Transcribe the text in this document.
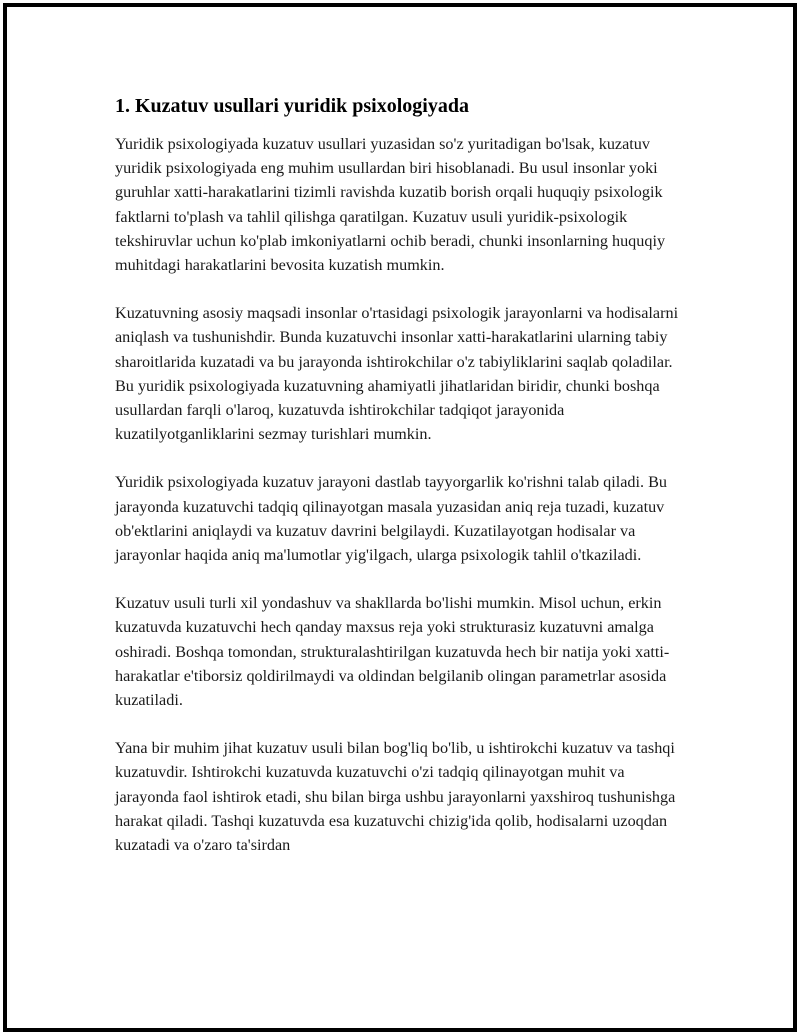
1. Kuzatuv usullari yuridik psixologiyada

Yuridik psixologiyada kuzatuv usullari yuzasidan so'z yuritadigan bo'lsak, kuzatuv yuridik psixologiyada eng muhim usullardan biri hisoblanadi. Bu usul insonlar yoki guruhlar xatti-harakatlarini tizimli ravishda kuzatib borish orqali huquqiy psixologik faktlarni to'plash va tahlil qilishga qaratilgan. Kuzatuv usuli yuridik-psixologik tekshiruvlar uchun ko'plab imkoniyatlarni ochib beradi, chunki insonlarning huquqiy muhitdagi harakatlarini bevosita kuzatish mumkin.

Kuzatuvning asosiy maqsadi insonlar o'rtasidagi psixologik jarayonlarni va hodisalarni aniqlash va tushunishdir. Bunda kuzatuvchi insonlar xatti-harakatlarini ularning tabiy sharoitlarida kuzatadi va bu jarayonda ishtirokchilar o'z tabiyliklarini saqlab qoladilar. Bu yuridik psixologiyada kuzatuvning ahamiyatli jihatlaridan biridir, chunki boshqa usullardan farqli o'laroq, kuzatuvda ishtirokchilar tadqiqot jarayonida kuzatilyotganliklarini sezmay turishlari mumkin.

Yuridik psixologiyada kuzatuv jarayoni dastlab tayyorgarlik ko'rishni talab qiladi. Bu jarayonda kuzatuvchi tadqiq qilinayotgan masala yuzasidan aniq reja tuzadi, kuzatuv ob'ektlarini aniqlaydi va kuzatuv davrini belgilaydi. Kuzatilayotgan hodisalar va jarayonlar haqida aniq ma'lumotlar yig'ilgach, ularga psixologik tahlil o'tkaziladi.

Kuzatuv usuli turli xil yondashuv va shakllarda bo'lishi mumkin. Misol uchun, erkin kuzatuvda kuzatuvchi hech qanday maxsus reja yoki strukturasiz kuzatuvni amalga oshiradi. Boshqa tomondan, strukturalashtirilgan kuzatuvda hech bir natija yoki xatti-harakatlar e'tiborsiz qoldirilmaydi va oldindan belgilanib olingan parametrlar asosida kuzatiladi.

Yana bir muhim jihat kuzatuv usuli bilan bog'liq bo'lib, u ishtirokchi kuzatuv va tashqi kuzatuvdir. Ishtirokchi kuzatuvda kuzatuvchi o'zi tadqiq qilinayotgan muhit va jarayonda faol ishtirok etadi, shu bilan birga ushbu jarayonlarni yaxshiroq tushunishga harakat qiladi. Tashqi kuzatuvda esa kuzatuvchi chizig'ida qolib, hodisalarni uzoqdan kuzatadi va o'zaro ta'sirdan
